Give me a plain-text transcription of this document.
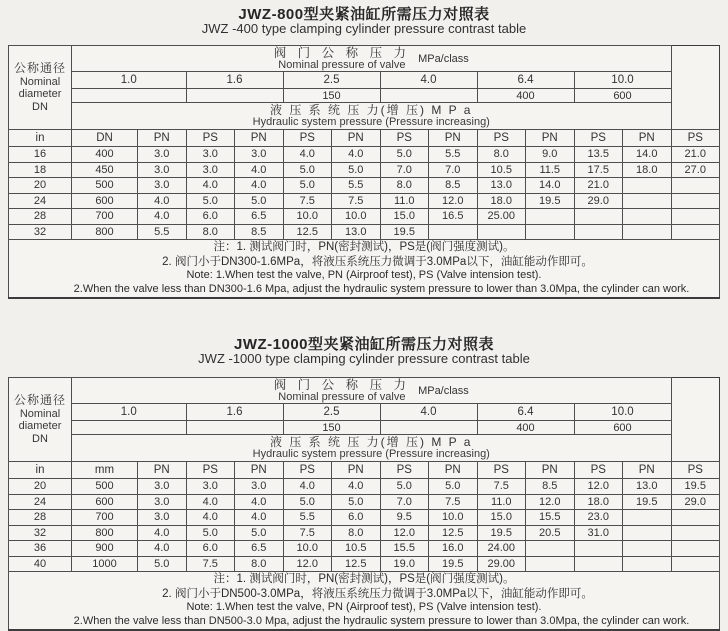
JWZ-800型夹紧油缸所需压力对照表
JWZ -400 type clamping cylinder pressure contrast table
公称通径
Nominal
diameter
DN

阀 门 公 称 压 力
Nominal pressure of valve	MPa/class

	1.0		1.6		2.5		4.0		6.4		10.0		
					150				400		600		

	液 压 系 统 压 力(增 压) M P a
Hydraulic system pressure (Pressure increasing)												

in	DN	PN	PS	PN	PS	PN	PS	PN	PS	PN	PS	PN	PS
16	400	3.0	3.0	3.0	4.0	4.0	5.0	5.5	8.0	9.0	13.5	14.0	21.0
18	450	3.0	3.0	4.0	5.0	5.0	7.0	7.0	10.5	11.5	17.5	18.0	27.0
20	500	3.0	4.0	4.0	5.0	5.5	8.0	8.5	13.0	14.0	21.0		
24	600	4.0	5.0	5.0	7.5	7.5	11.0	12.0	18.0	19.5	29.0		
28	700	4.0	6.0	6.5	10.0	10.0	15.0	16.5	25.00				
32	800	5.5	8.0	8.5	12.5	13.0	19.5						

注：1. 测试阀门时，PN(密封测试)，PS是(阀门强度测试)。
2. 阀门小于DN300-1.6MPa，将液压系统压力微调于3.0MPa以下，油缸能动作即可。
Note: 1.When test the valve, PN (Airproof test), PS (Valve intension test).
2.When the valve less than DN300-1.6 Mpa, adjust the hydraulic system pressure to lower than 3.0Mpa, the cylinder can work.													
JWZ-1000型夹紧油缸所需压力对照表
JWZ -1000 type clamping cylinder pressure contrast table
公称通径
Nominal
diameter
DN

阀 门 公 称 压 力
Nominal pressure of valve	MPa/class

	1.0		1.6		2.5		4.0		6.4		10.0		
					150				400		600		

	液 压 系 统 压 力(增 压) M P a
Hydraulic system pressure (Pressure increasing)												

in	mm	PN	PS	PN	PS	PN	PS	PN	PS	PN	PS	PN	PS
20	500	3.0	3.0	3.0	4.0	4.0	5.0	5.0	7.5	8.5	12.0	13.0	19.5
24	600	3.0	4.0	4.0	5.0	5.0	7.0	7.5	11.0	12.0	18.0	19.5	29.0
28	700	3.0	4.0	4.0	5.5	6.0	9.5	10.0	15.0	15.5	23.0		
32	800	4.0	5.0	5.0	7.5	8.0	12.0	12.5	19.5	20.5	31.0		
36	900	4.0	6.0	6.5	10.0	10.5	15.5	16.0	24.00				
40	1000	5.0	7.5	8.0	12.0	12.5	19.0	19.5	29.00				

注：1. 测试阀门时，PN(密封测试)，PS是(阀门强度测试)。
2. 阀门小于DN500-3.0MPa，将液压系统压力微调于3.0MPa以下，油缸能动作即可。
Note: 1.When test the valve, PN (Airproof test), PS (Valve intension test).
2.When the valve less than DN500-3.0 Mpa, adjust the hydraulic system pressure to lower than 3.0Mpa, the cylinder can work.													
